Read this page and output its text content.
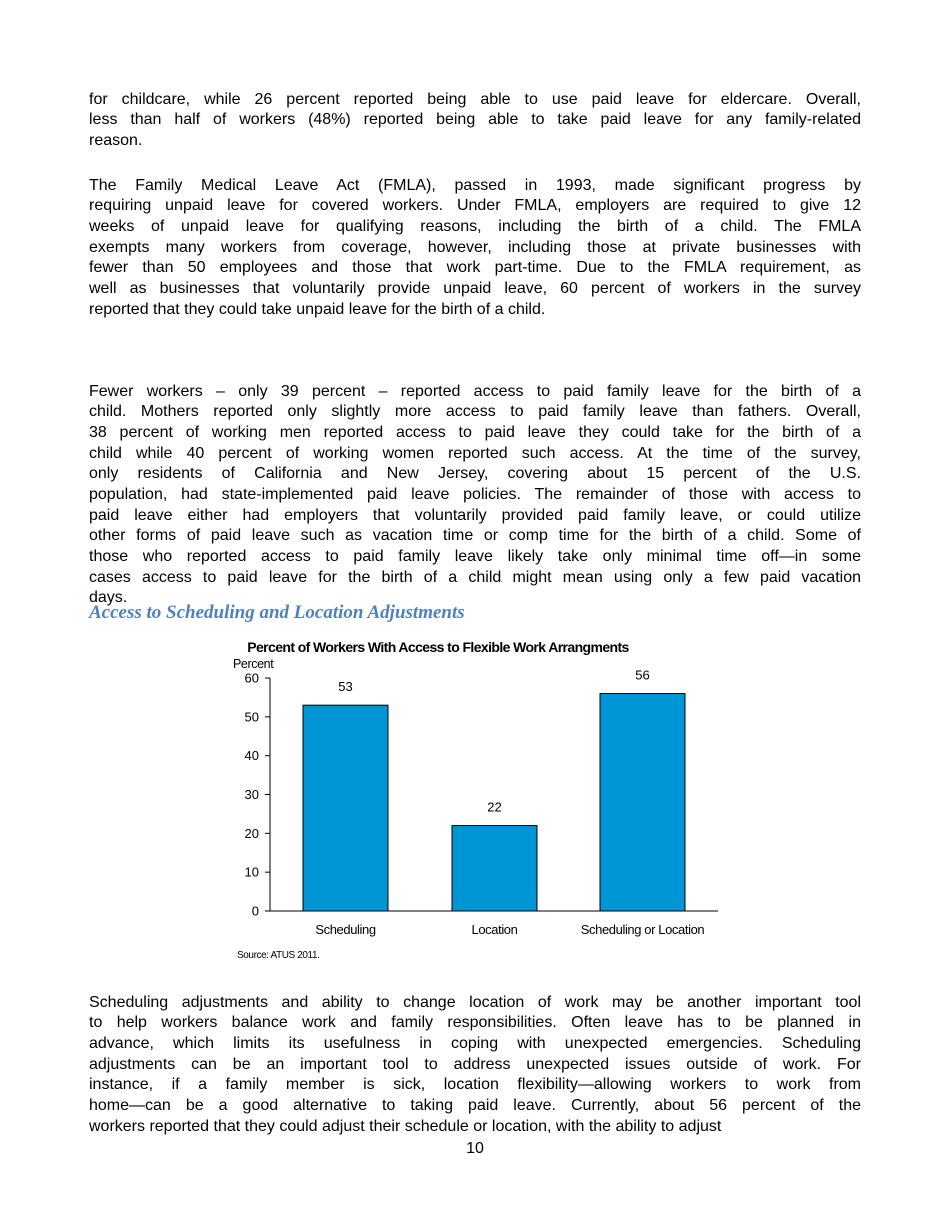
for childcare, while 26 percent reported being able to use paid leave for eldercare. Overall,
less than half of workers (48%) reported being able to take paid leave for any family-related
reason.
The Family Medical Leave Act (FMLA), passed in 1993, made significant progress by
requiring unpaid leave for covered workers. Under FMLA, employers are required to give 12
weeks of unpaid leave for qualifying reasons, including the birth of a child. The FMLA
exempts many workers from coverage, however, including those at private businesses with
fewer than 50 employees and those that work part-time. Due to the FMLA requirement, as
well as businesses that voluntarily provide unpaid leave, 60 percent of workers in the survey
reported that they could take unpaid leave for the birth of a child.
Fewer workers – only 39 percent – reported access to paid family leave for the birth of a
child. Mothers reported only slightly more access to paid family leave than fathers. Overall,
38 percent of working men reported access to paid leave they could take for the birth of a
child while 40 percent of working women reported such access. At the time of the survey,
only residents of California and New Jersey, covering about 15 percent of the U.S.
population, had state-implemented paid leave policies. The remainder of those with access to
paid leave either had employers that voluntarily provided paid family leave, or could utilize
other forms of paid leave such as vacation time or comp time for the birth of a child. Some of
those who reported access to paid family leave likely take only minimal time off—in some
cases access to paid leave for the birth of a child might mean using only a few paid vacation
days.
Access to Scheduling and Location Adjustments
Percent of Workers With Access to Flexible Work Arrangments
Percent
0
10
20
30
40
50
60
53
Scheduling
22
Location
56
Scheduling or Location
Source: ATUS 2011.
Scheduling adjustments and ability to change location of work may be another important tool
to help workers balance work and family responsibilities. Often leave has to be planned in
advance, which limits its usefulness in coping with unexpected emergencies. Scheduling
adjustments can be an important tool to address unexpected issues outside of work. For
instance, if a family member is sick, location flexibility—allowing workers to work from
home—can be a good alternative to taking paid leave. Currently, about 56 percent of the
workers reported that they could adjust their schedule or location, with the ability to adjust
10
